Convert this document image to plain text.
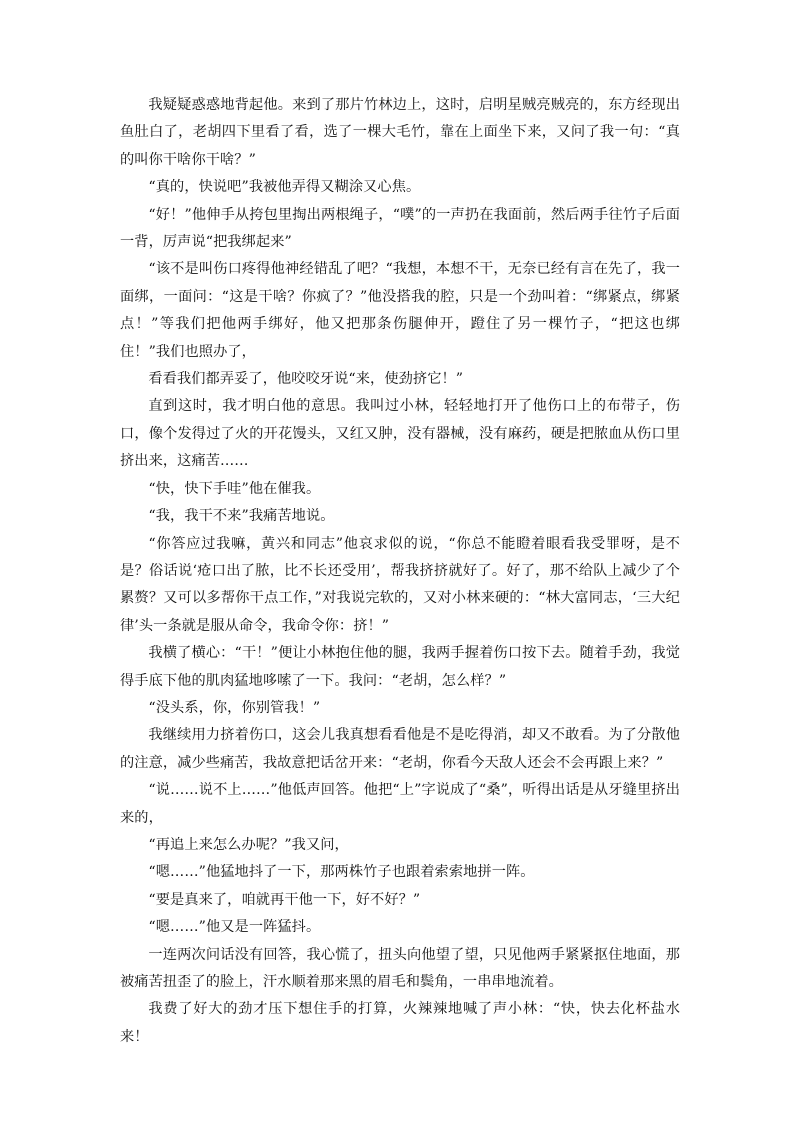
我疑疑惑惑地背起他。来到了那片竹林边上，这时，启明星贼亮贼亮的，东方经现出鱼肚白了，老胡四下里看了看，选了一棵大毛竹，靠在上面坐下来，又问了我一句：“真的叫你干啥你干啥？”

“真的，快说吧”我被他弄得又糊涂又心焦。

“好！”他伸手从挎包里掏出两根绳子，“噗”的一声扔在我面前，然后两手往竹子后面一背，厉声说“把我绑起来”

“该不是叫伤口疼得他神经错乱了吧？“我想，本想不干，无奈已经有言在先了，我一面绑，一面问：“这是干啥？你疯了？”他没搭我的腔，只是一个劲叫着：“绑紧点，绑紧点！”等我们把他两手绑好，他又把那条伤腿伸开，蹬住了另一棵竹子，“把这也绑住！”我们也照办了，

看看我们都弄妥了，他咬咬牙说“来，使劲挤它！”

直到这时，我才明白他的意思。我叫过小林，轻轻地打开了他伤口上的布带子，伤口，像个发得过了火的开花馒头，又红又肿，没有器械，没有麻药，硬是把脓血从伤口里挤出来，这痛苦……

“快，快下手哇”他在催我。

“我，我干不来”我痛苦地说。

“你答应过我嘛，黄兴和同志”他哀求似的说，“你总不能瞪着眼看我受罪呀，是不是？俗话说‘疮口出了脓，比不长还受用’，帮我挤挤就好了。好了，那不给队上减少了个累赘？又可以多帮你干点工作，”对我说完软的，又对小林来硬的：“林大富同志，‘三大纪律’头一条就是服从命令，我命令你：挤！”

我横了横心：“干！”便让小林抱住他的腿，我两手握着伤口按下去。随着手劲，我觉得手底下他的肌肉猛地哆嗦了一下。我问：“老胡，怎么样？”

“没头系，你，你别管我！”

我继续用力挤着伤口，这会儿我真想看看他是不是吃得消，却又不敢看。为了分散他的注意，减少些痛苦，我故意把话岔开来：“老胡，你看今天敌人还会不会再跟上来？”

“说……说不上……”他低声回答。他把“上”字说成了“桑”，听得出话是从牙缝里挤出来的，

“再追上来怎么办呢？”我又问，

“嗯……”他猛地抖了一下，那两株竹子也跟着索索地拼一阵。

“要是真来了，咱就再干他一下，好不好？”

“嗯……”他又是一阵猛抖。

一连两次问话没有回答，我心慌了，扭头向他望了望，只见他两手紧紧抠住地面，那被痛苦扭歪了的脸上，汗水顺着那来黑的眉毛和鬓角，一串串地流着。

我费了好大的劲才压下想住手的打算，火辣辣地喊了声小林：“快，快去化杯盐水来！
